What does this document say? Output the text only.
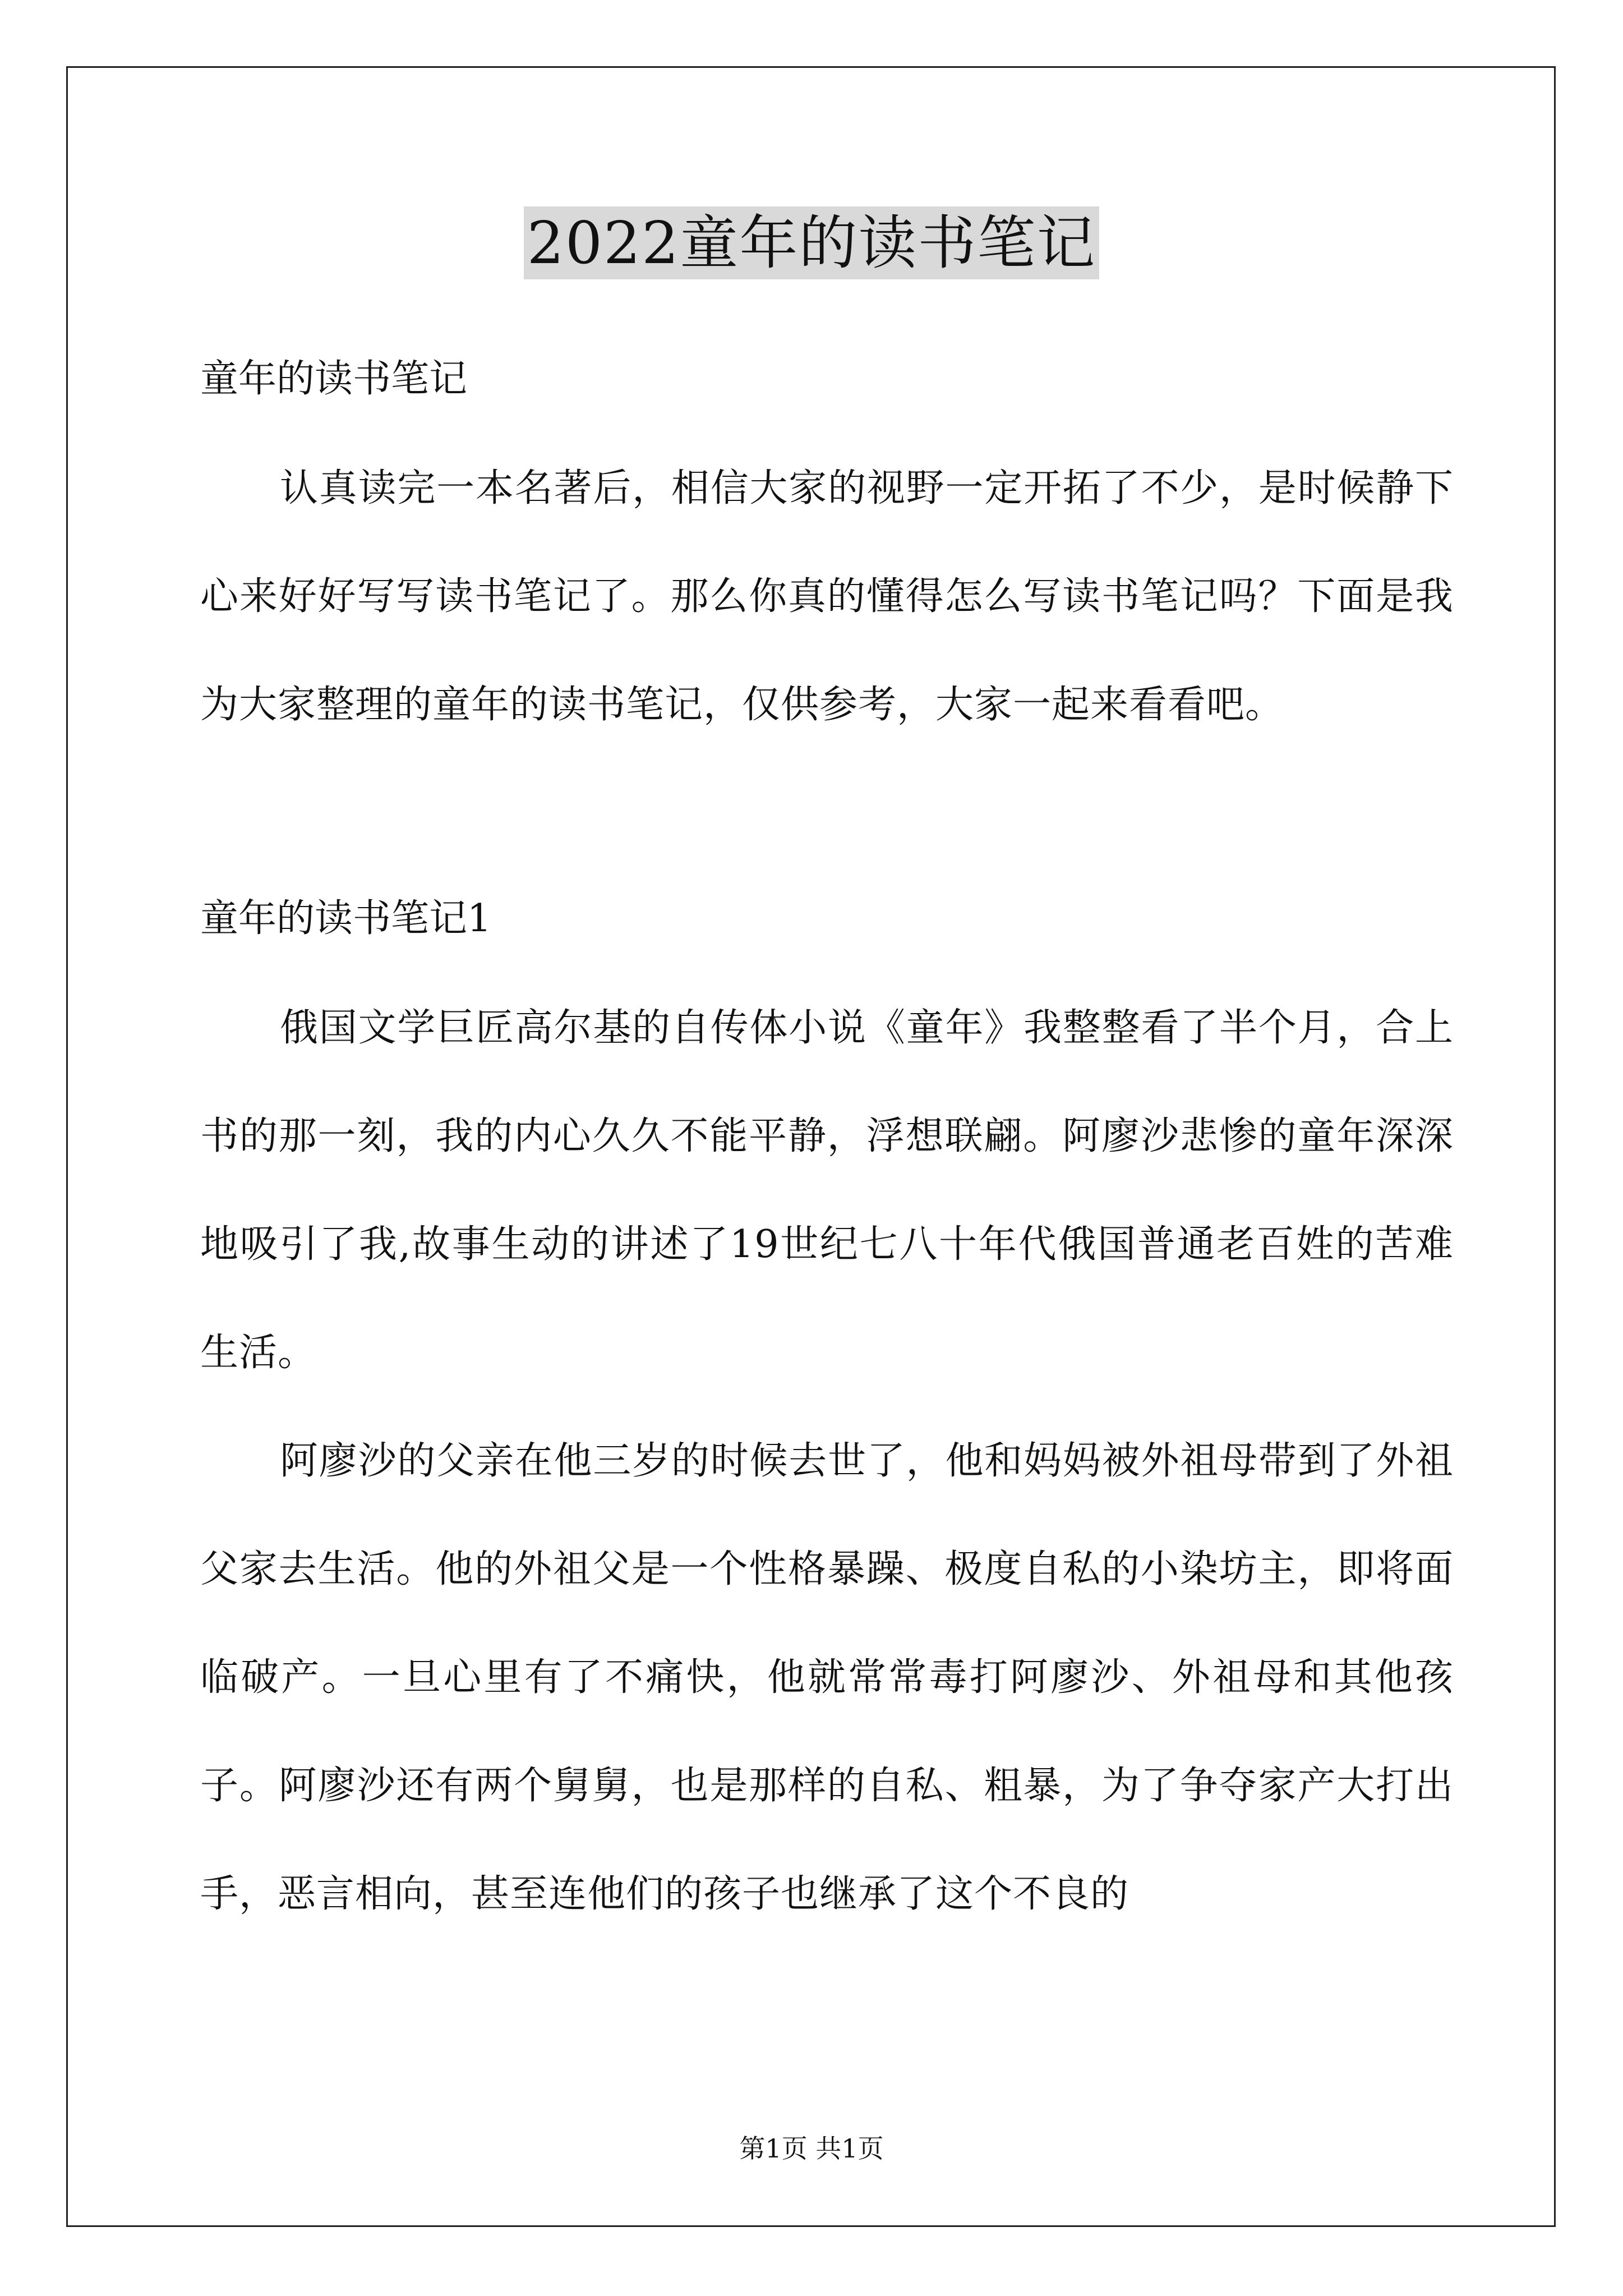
2022童年的读书笔记

童年的读书笔记

认真读完一本名著后，相信大家的视野一定开拓了不少，是时候静下心来好好写写读书笔记了。那么你真的懂得怎么写读书笔记吗？下面是我为大家整理的童年的读书笔记，仅供参考，大家一起来看看吧。

童年的读书笔记1

俄国文学巨匠高尔基的自传体小说《童年》我整整看了半个月，合上书的那一刻，我的内心久久不能平静，浮想联翩。阿廖沙悲惨的童年深深地吸引了我,故事生动的讲述了19世纪七八十年代俄国普通老百姓的苦难生活。

阿廖沙的父亲在他三岁的时候去世了，他和妈妈被外祖母带到了外祖父家去生活。他的外祖父是一个性格暴躁、极度自私的小染坊主，即将面临破产。一旦心里有了不痛快，他就常常毒打阿廖沙、外祖母和其他孩子。阿廖沙还有两个舅舅，也是那样的自私、粗暴，为了争夺家产大打出手，恶言相向，甚至连他们的孩子也继承了这个不良的

第1页 共1页
